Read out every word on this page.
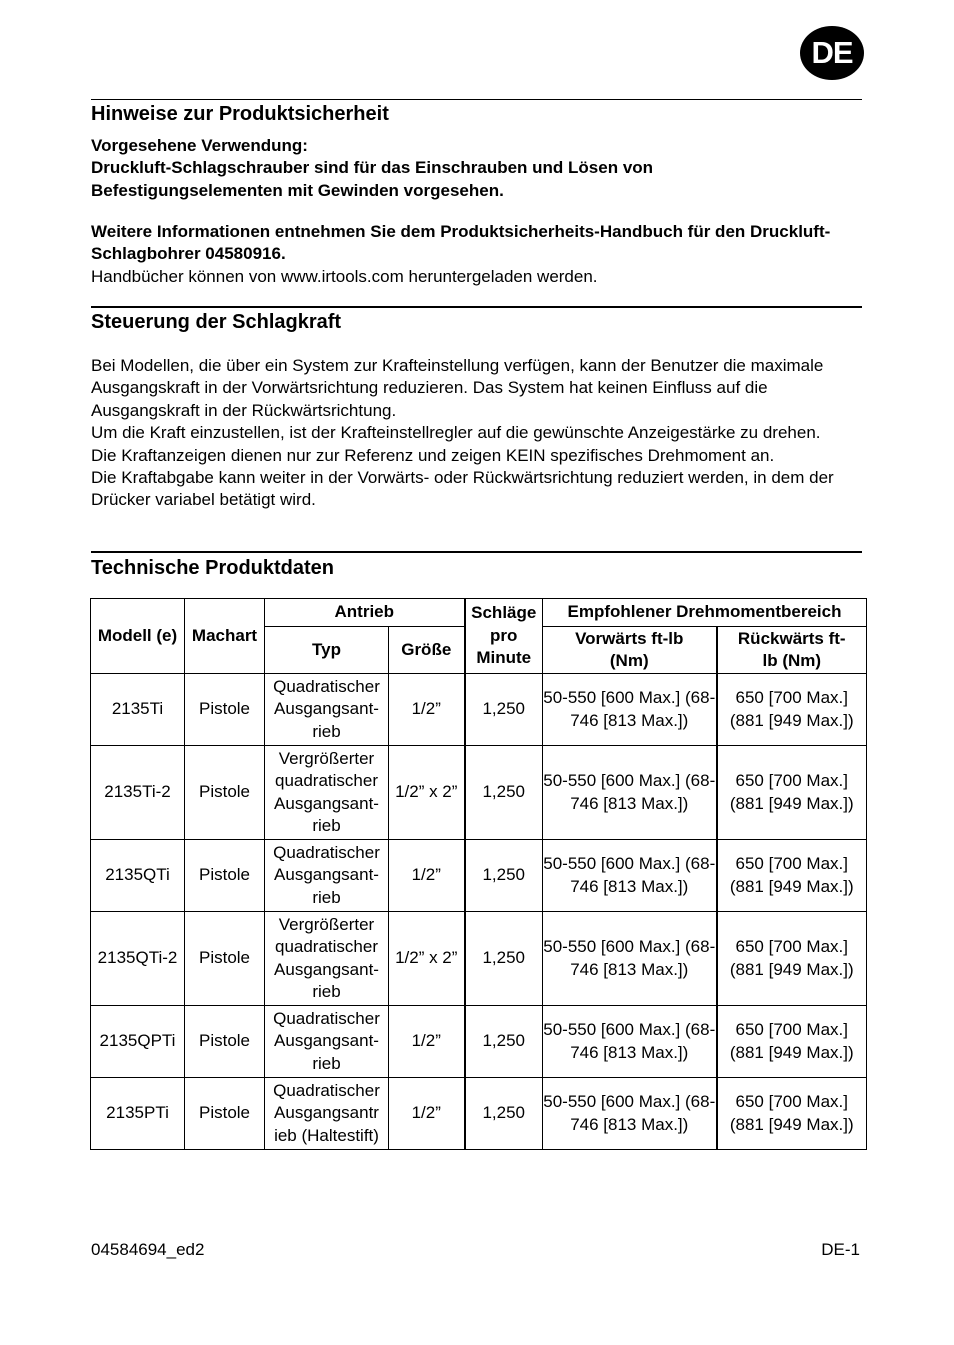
DE
Hinweise zur Produktsicherheit

Vorgesehene Verwendung:

Druckluft-Schlagschrauber sind für das Einschrauben und Lösen von Befestigungselementen mit Gewinden vorgesehen.

Weitere Informationen entnehmen Sie dem Produktsicherheits-Handbuch für den Druckluft-Schlagbohrer 04580916.

Handbücher können von www.irtools.com heruntergeladen werden.

Steuerung der Schlagkraft

Bei Modellen, die über ein System zur Krafteinstellung verfügen, kann der Benutzer die maximale Ausgangskraft in der Vorwärtsrichtung reduzieren. Das System hat keinen Einfluss auf die Ausgangskraft in der Rückwärtsrichtung.

Um die Kraft einzustellen, ist der Krafteinstellregler auf die gewünschte Anzeigestärke zu drehen.

Die Kraftanzeigen dienen nur zur Referenz und zeigen KEIN spezifisches Drehmoment an.

Die Kraftabgabe kann weiter in der Vorwärts- oder Rückwärtsrichtung reduziert werden, in dem der Drücker variabel betätigt wird.

Technische Produktdaten
Modell (e)	Machart	Antrieb		Schläge pro Minute	Empfohlener Drehmomentbereich	
		Typ	Größe		Vorwärts ft-lb (Nm)	Rückwärts ft-lb (Nm)
2135Ti	Pistole	Quadratischer Ausgangsant-rieb	1/2”	1,250	50-550 [600 Max.] (68-746 [813 Max.])	650 [700 Max.] (881 [949 Max.])
2135Ti-2	Pistole	Vergrößerter quadratischer Ausgangsant-rieb	1/2” x 2”	1,250	50-550 [600 Max.] (68-746 [813 Max.])	650 [700 Max.] (881 [949 Max.])
2135QTi	Pistole	Quadratischer Ausgangsant-rieb	1/2”	1,250	50-550 [600 Max.] (68-746 [813 Max.])	650 [700 Max.] (881 [949 Max.])
2135QTi-2	Pistole	Vergrößerter quadratischer Ausgangsant-rieb	1/2” x 2”	1,250	50-550 [600 Max.] (68-746 [813 Max.])	650 [700 Max.] (881 [949 Max.])
2135QPTi	Pistole	Quadratischer Ausgangsant-rieb	1/2”	1,250	50-550 [600 Max.] (68-746 [813 Max.])	650 [700 Max.] (881 [949 Max.])
2135PTi	Pistole	Quadratischer Ausgangsantr ieb (Haltestift)	1/2”	1,250	50-550 [600 Max.] (68-746 [813 Max.])	650 [700 Max.] (881 [949 Max.])
04584694_ed2	DE-1
